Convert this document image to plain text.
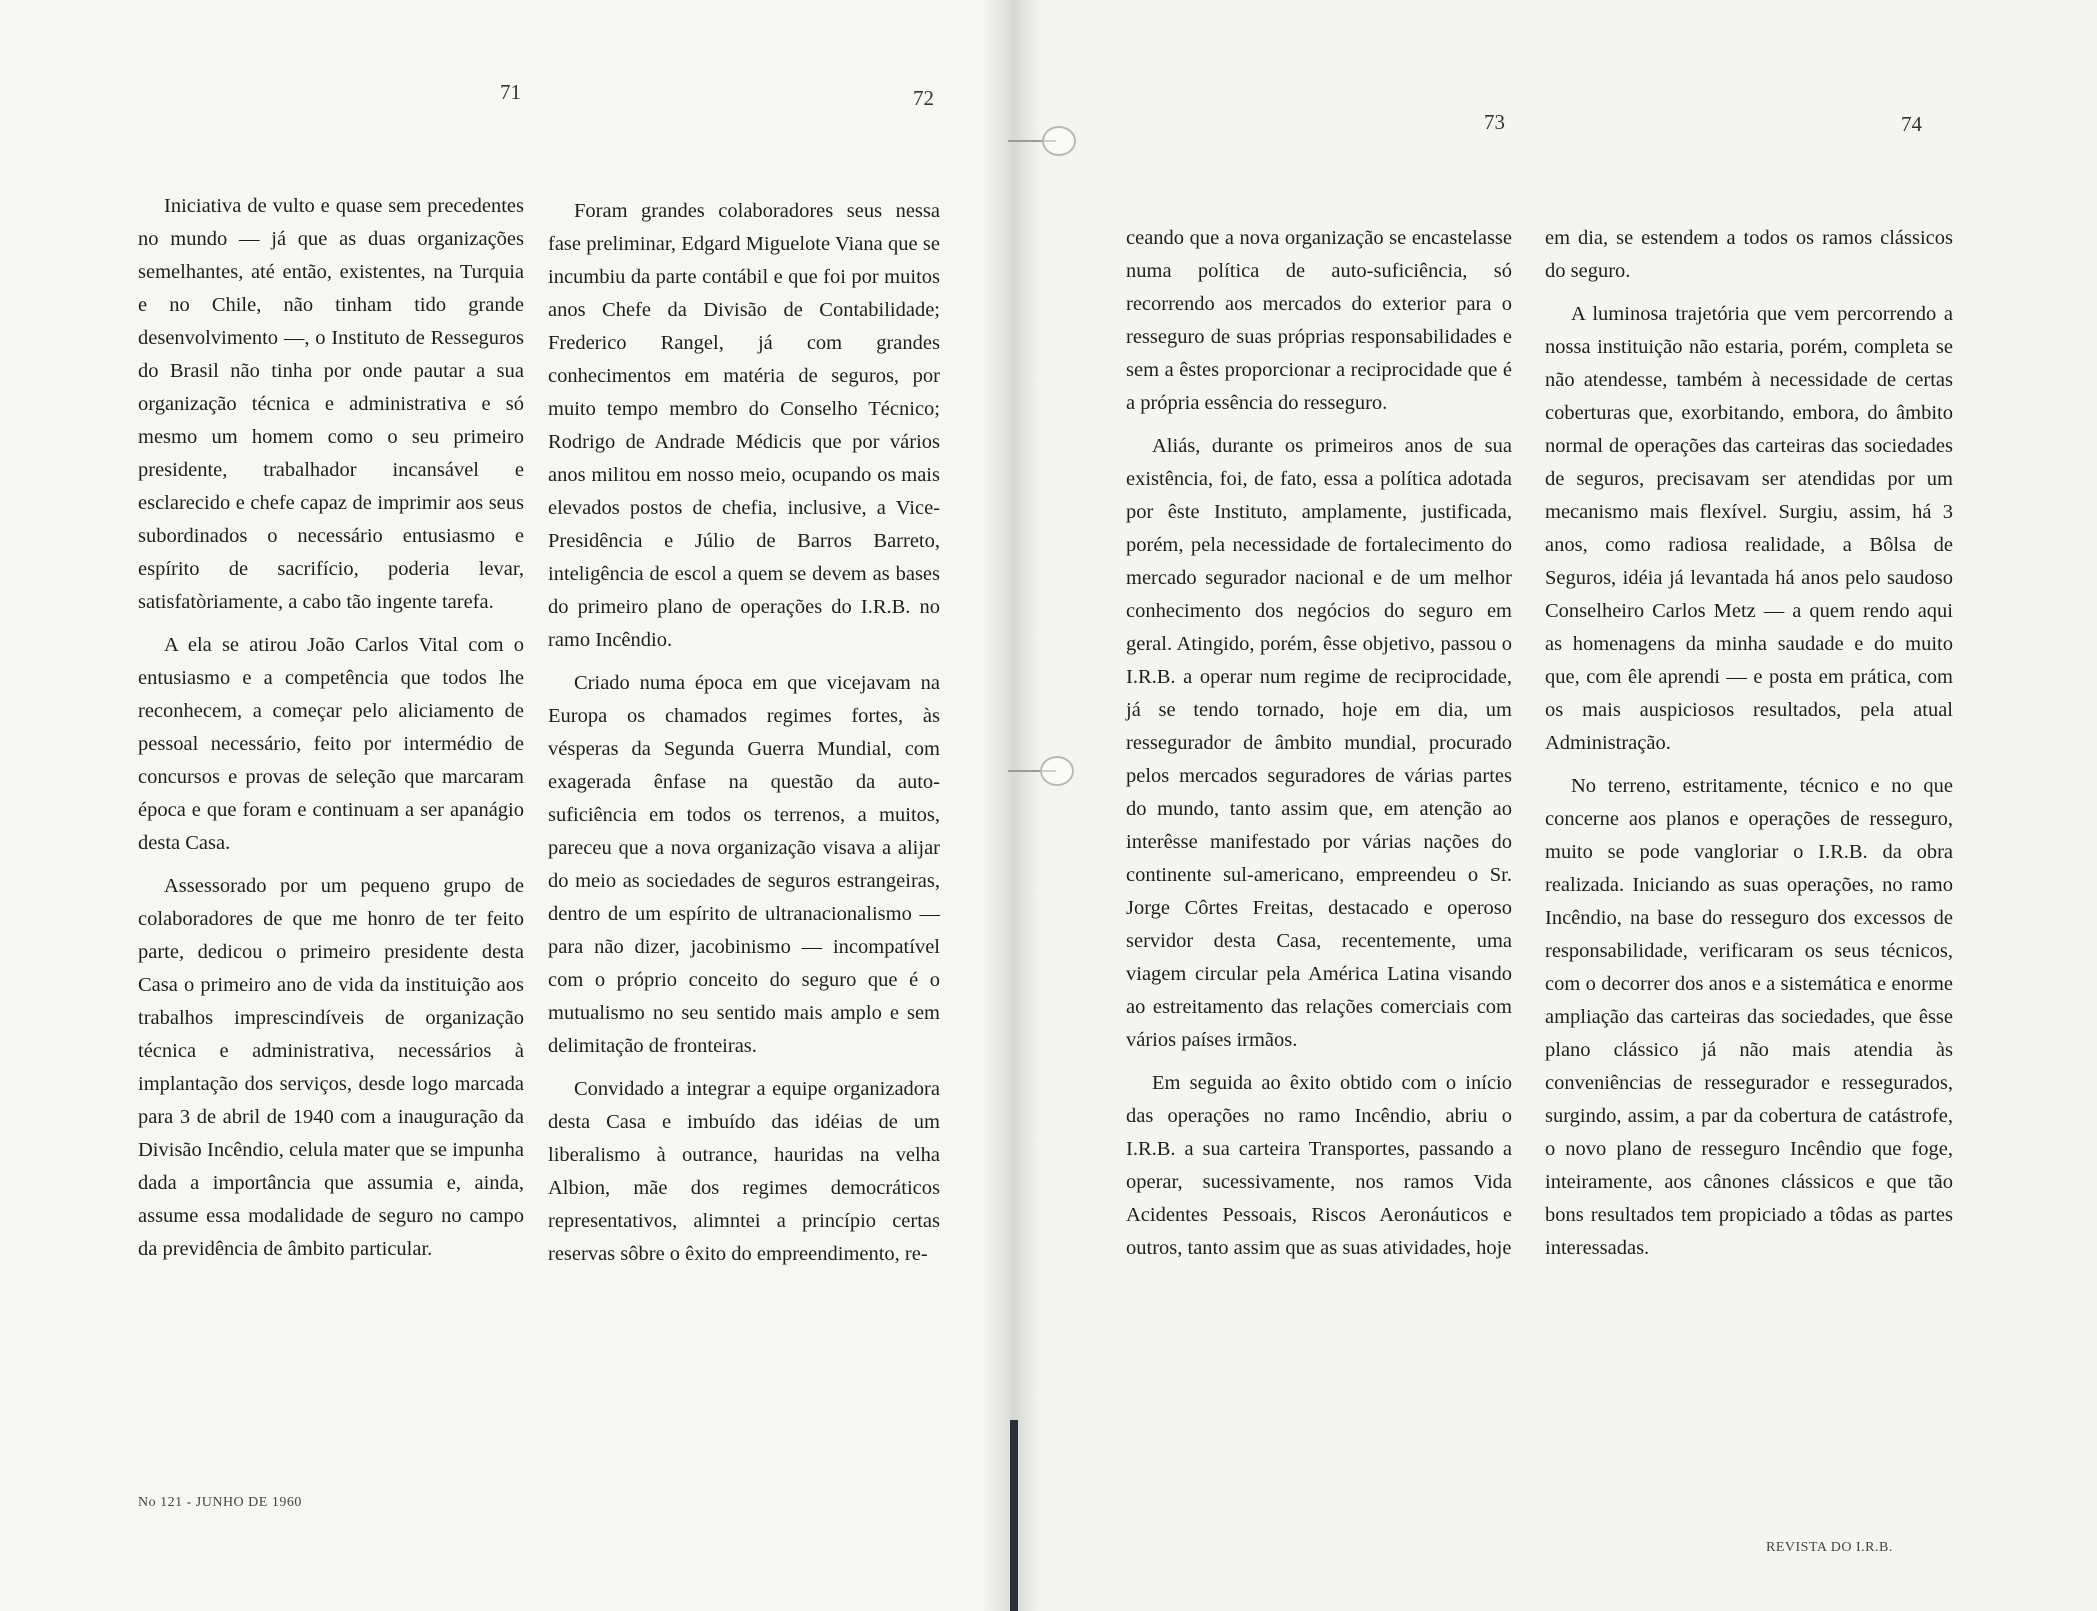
71	72

Iniciativa de vulto e quase sem precedentes no mundo — já que as duas organizações semelhantes, até então, existentes, na Turquia e no Chile, não tinham tido grande desenvolvimento —, o Instituto de Resseguros do Brasil não tinha por onde pautar a sua organização técnica e administrativa e só mesmo um homem como o seu primeiro presidente, trabalhador incansável e esclarecido e chefe capaz de imprimir aos seus subordinados o necessário entusiasmo e espírito de sacrifício, poderia levar, satisfatòriamente, a cabo tão ingente tarefa.

A ela se atirou João Carlos Vital com o entusiasmo e a competência que todos lhe reconhecem, a começar pelo aliciamento de pessoal necessário, feito por intermédio de concursos e provas de seleção que marcaram época e que foram e continuam a ser apanágio desta Casa.

Assessorado por um pequeno grupo de colaboradores de que me honro de ter feito parte, dedicou o primeiro presidente desta Casa o primeiro ano de vida da instituição aos trabalhos imprescindíveis de organização técnica e administrativa, necessários à implantação dos serviços, desde logo marcada para 3 de abril de 1940 com a inauguração da Divisão Incêndio, celula mater que se impunha dada a importância que assumia e, ainda, assume essa modalidade de seguro no campo da previdência de âmbito particular.

Foram grandes colaboradores seus nessa fase preliminar, Edgard Miguelote Viana que se incumbiu da parte contábil e que foi por muitos anos Chefe da Divisão de Contabilidade; Frederico Rangel, já com grandes conhecimentos em matéria de seguros, por muito tempo membro do Conselho Técnico; Rodrigo de Andrade Médicis que por vários anos militou em nosso meio, ocupando os mais elevados postos de chefia, inclusive, a Vice-Presidência e Júlio de Barros Barreto, inteligência de escol a quem se devem as bases do primeiro plano de operações do I.R.B. no ramo Incêndio.

Criado numa época em que vicejavam na Europa os chamados regimes fortes, às vésperas da Segunda Guerra Mundial, com exagerada ênfase na questão da auto-suficiência em todos os terrenos, a muitos, pareceu que a nova organização visava a alijar do meio as sociedades de seguros estrangeiras, dentro de um espírito de ultranacionalismo — para não dizer, jacobinismo — incompatível com o próprio conceito do seguro que é o mutualismo no seu sentido mais amplo e sem delimitação de fronteiras.

Convidado a integrar a equipe organizadora desta Casa e imbuído das idéias de um liberalismo à outrance, hauridas na velha Albion, mãe dos regimes democráticos representativos, alimntei a princípio certas reservas sôbre o êxito do empreendimento, re-

No 121 - JUNHO DE 1960
73	74

ceando que a nova organização se encastelasse numa política de auto-suficiência, só recorrendo aos mercados do exterior para o resseguro de suas próprias responsabilidades e sem a êstes proporcionar a reciprocidade que é a própria essência do resseguro.

Aliás, durante os primeiros anos de sua existência, foi, de fato, essa a política adotada por êste Instituto, amplamente, justificada, porém, pela necessidade de fortalecimento do mercado segurador nacional e de um melhor conhecimento dos negócios do seguro em geral. Atingido, porém, êsse objetivo, passou o I.R.B. a operar num regime de reciprocidade, já se tendo tornado, hoje em dia, um ressegurador de âmbito mundial, procurado pelos mercados seguradores de várias partes do mundo, tanto assim que, em atenção ao interêsse manifestado por várias nações do continente sul-americano, empreendeu o Sr. Jorge Côrtes Freitas, destacado e operoso servidor desta Casa, recentemente, uma viagem circular pela América Latina visando ao estreitamento das relações comerciais com vários países irmãos.

Em seguida ao êxito obtido com o início das operações no ramo Incêndio, abriu o I.R.B. a sua carteira Transportes, passando a operar, sucessivamente, nos ramos Vida Acidentes Pessoais, Riscos Aeronáuticos e outros, tanto assim que as suas atividades, hoje

em dia, se estendem a todos os ramos clássicos do seguro.

A luminosa trajetória que vem percorrendo a nossa instituição não estaria, porém, completa se não atendesse, também à necessidade de certas coberturas que, exorbitando, embora, do âmbito normal de operações das carteiras das sociedades de seguros, precisavam ser atendidas por um mecanismo mais flexível. Surgiu, assim, há 3 anos, como radiosa realidade, a Bôlsa de Seguros, idéia já levantada há anos pelo saudoso Conselheiro Carlos Metz — a quem rendo aqui as homenagens da minha saudade e do muito que, com êle aprendi — e posta em prática, com os mais auspiciosos resultados, pela atual Administração.

No terreno, estritamente, técnico e no que concerne aos planos e operações de resseguro, muito se pode vangloriar o I.R.B. da obra realizada. Iniciando as suas operações, no ramo Incêndio, na base do resseguro dos excessos de responsabilidade, verificaram os seus técnicos, com o decorrer dos anos e a sistemática e enorme ampliação das carteiras das sociedades, que êsse plano clássico já não mais atendia às conveniências de ressegurador e ressegurados, surgindo, assim, a par da cobertura de catástrofe, o novo plano de resseguro Incêndio que foge, inteiramente, aos cânones clássicos e que tão bons resultados tem propiciado a tôdas as partes interessadas.

REVISTA DO I.R.B.
